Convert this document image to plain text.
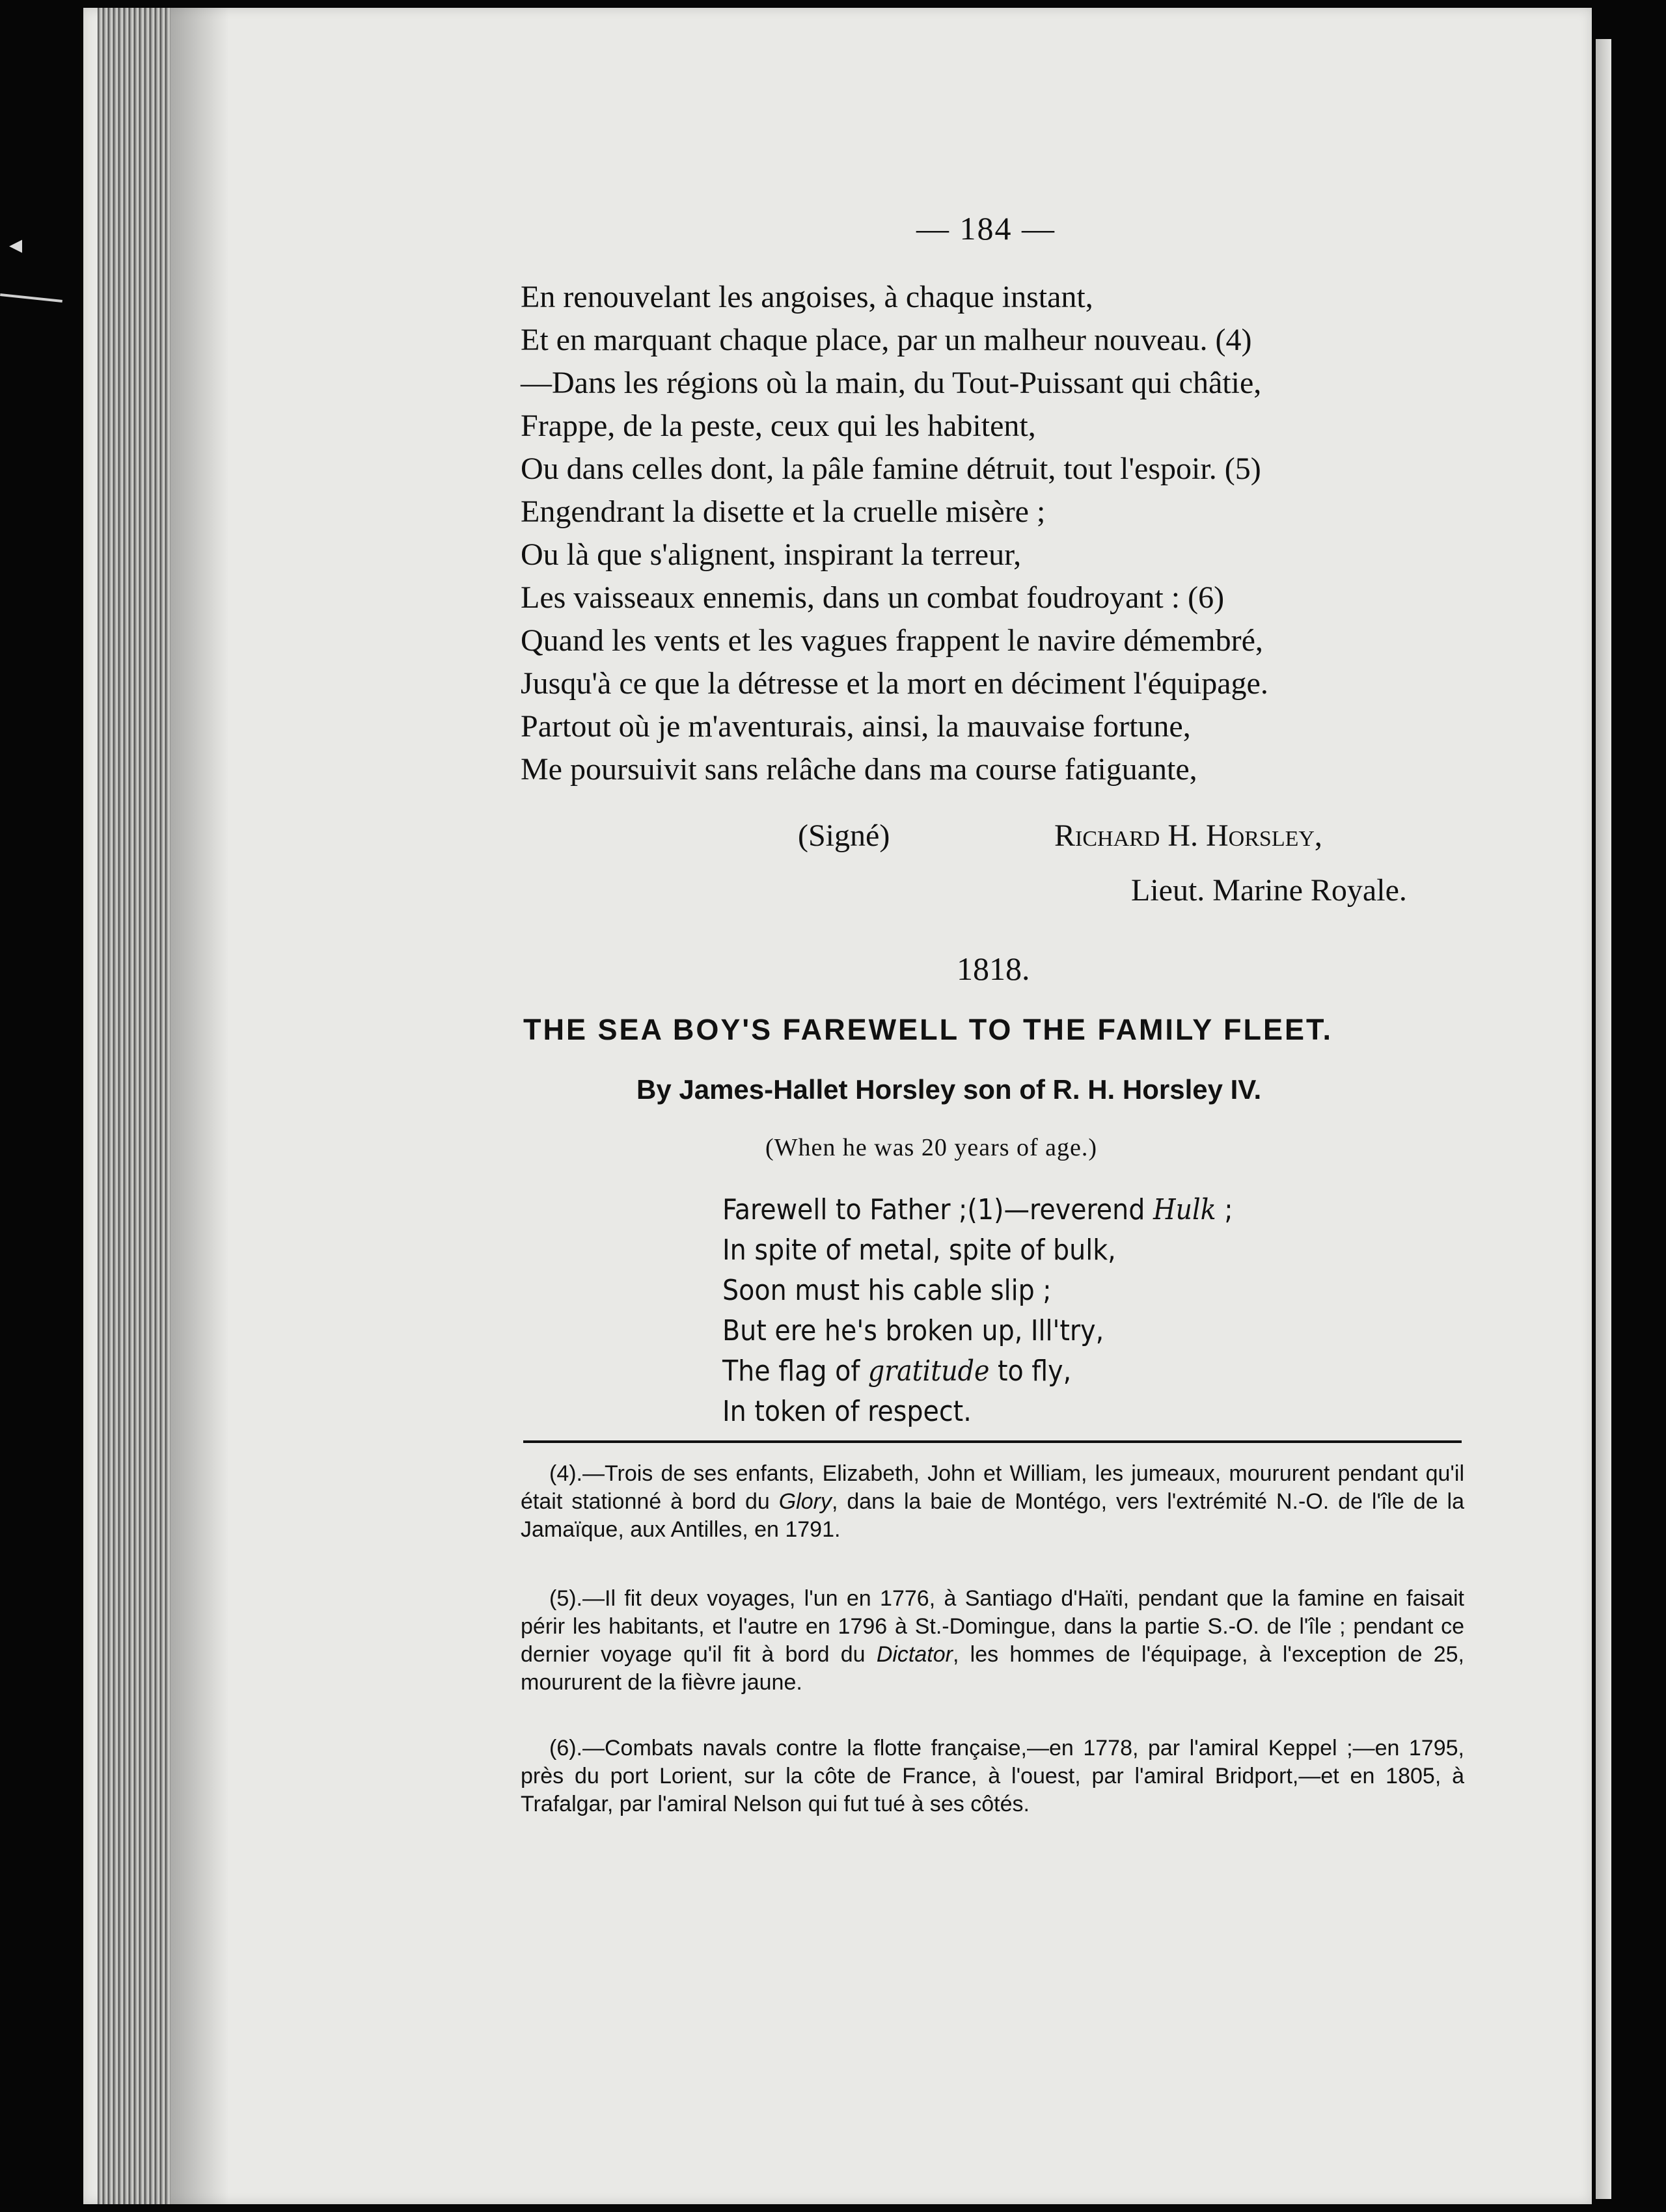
◂	— 184 —
En renouvelant les angoises, à chaque instant,
Et en marquant chaque place, par un malheur nouveau. (4)
—Dans les régions où la main, du Tout-Puissant qui châtie,
Frappe, de la peste, ceux qui les habitent,
Ou dans celles dont, la pâle famine détruit, tout l'espoir. (5)
Engendrant la disette et la cruelle misère ;
Ou là que s'alignent, inspirant la terreur,
Les vaisseaux ennemis, dans un combat foudroyant : (6)
Quand les vents et les vagues frappent le navire démembré,
Jusqu'à ce que la détresse et la mort en déciment l'équipage.
Partout où je m'aventurais, ainsi, la mauvaise fortune,
Me poursuivit sans relâche dans ma course fatiguante,
(Signé)	Richard H. Horsley,
Lieut. Marine Royale.
1818.
THE SEA BOY'S FAREWELL TO THE FAMILY FLEET.
By James-Hallet Horsley son of R. H. Horsley IV.
(When he was 20 years of age.)
Farewell to Father ;(1)—reverend Hulk ;
In spite of metal, spite of bulk,
Soon must his cable slip ;
But ere he's broken up, Ill'try,
The flag of gratitude to fly,
In token of respect.
(4).—Trois de ses enfants, Elizabeth, John et William, les jumeaux, moururent pendant qu'il était stationné à bord du Glory, dans la baie de Montégo, vers l'extrémité N.-O. de l'île de la Jamaïque, aux Antilles, en 1791.
(5).—Il fit deux voyages, l'un en 1776, à Santiago d'Haïti, pendant que la famine en faisait périr les habitants, et l'autre en 1796 à St.-Domingue, dans la partie S.-O. de l'île ; pendant ce dernier voyage qu'il fit à bord du Dictator, les hommes de l'équipage, à l'exception de 25, moururent de la fièvre jaune.
(6).—Combats navals contre la flotte française,—en 1778, par l'amiral Keppel ;—en 1795, près du port Lorient, sur la côte de France, à l'ouest, par l'amiral Bridport,—et en 1805, à Trafalgar, par l'amiral Nelson qui fut tué à ses côtés.
